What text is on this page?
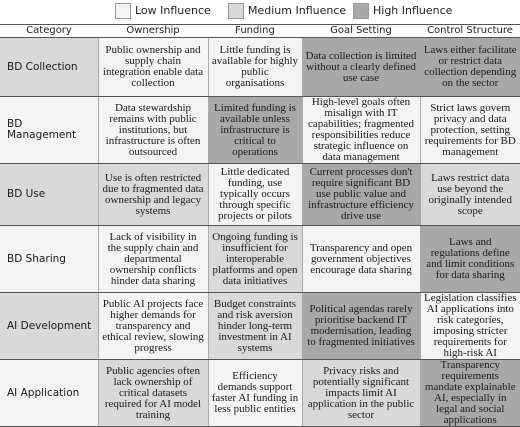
Low Influence	Medium Influence High Influence
Category	Ownership	Funding	Goal Setting	Control Structure
BD Collection	Public ownership and supply chain integration enable data collection	Little funding is available for highly public organisations	Data collection is limited without a clearly defined use case	Laws either facilitate or restrict data collection depending on the sector
BD Management	Data stewardship remains with public institutions, but infrastructure is often outsourced	Limited funding is available unless infrastructure is critical to operations	High-level goals often misalign with IT capabilities; fragmented responsibilities reduce strategic influence on data management	Strict laws govern privacy and data protection, setting requirements for BD management
BD Use	Use is often restricted due to fragmented data ownership and legacy systems	Little dedicated funding, use typically occurs through specific projects or pilots	Current processes don't require significant BD use public value and infrastructure efficiency drive use	Laws restrict data use beyond the originally intended scope
BD Sharing	Lack of visibility in the supply chain and departmental ownership conflicts hinder data sharing	Ongoing funding is insufficient for interoperable platforms and open data initiatives	Transparency and open government objectives encourage data sharing	Laws and regulations define and limit conditions for data sharing
AI Development	Public AI projects face higher demands for transparency and ethical review, slowing progress	Budget constraints and risk aversion hinder long-term investment in AI systems	Political agendas rarely prioritise backend IT modernisation, leading to fragmented initiatives	Legislation classifies AI applications into risk categories, imposing stricter requirements for high-risk AI
AI Application	Public agencies often lack ownership of critical datasets required for AI model training	Efficiency demands support faster AI funding in less public entities	Privacy risks and potentially significant impacts limit AI application in the public sector	Transparency requirements mandate explainable AI, especially in legal and social applications
